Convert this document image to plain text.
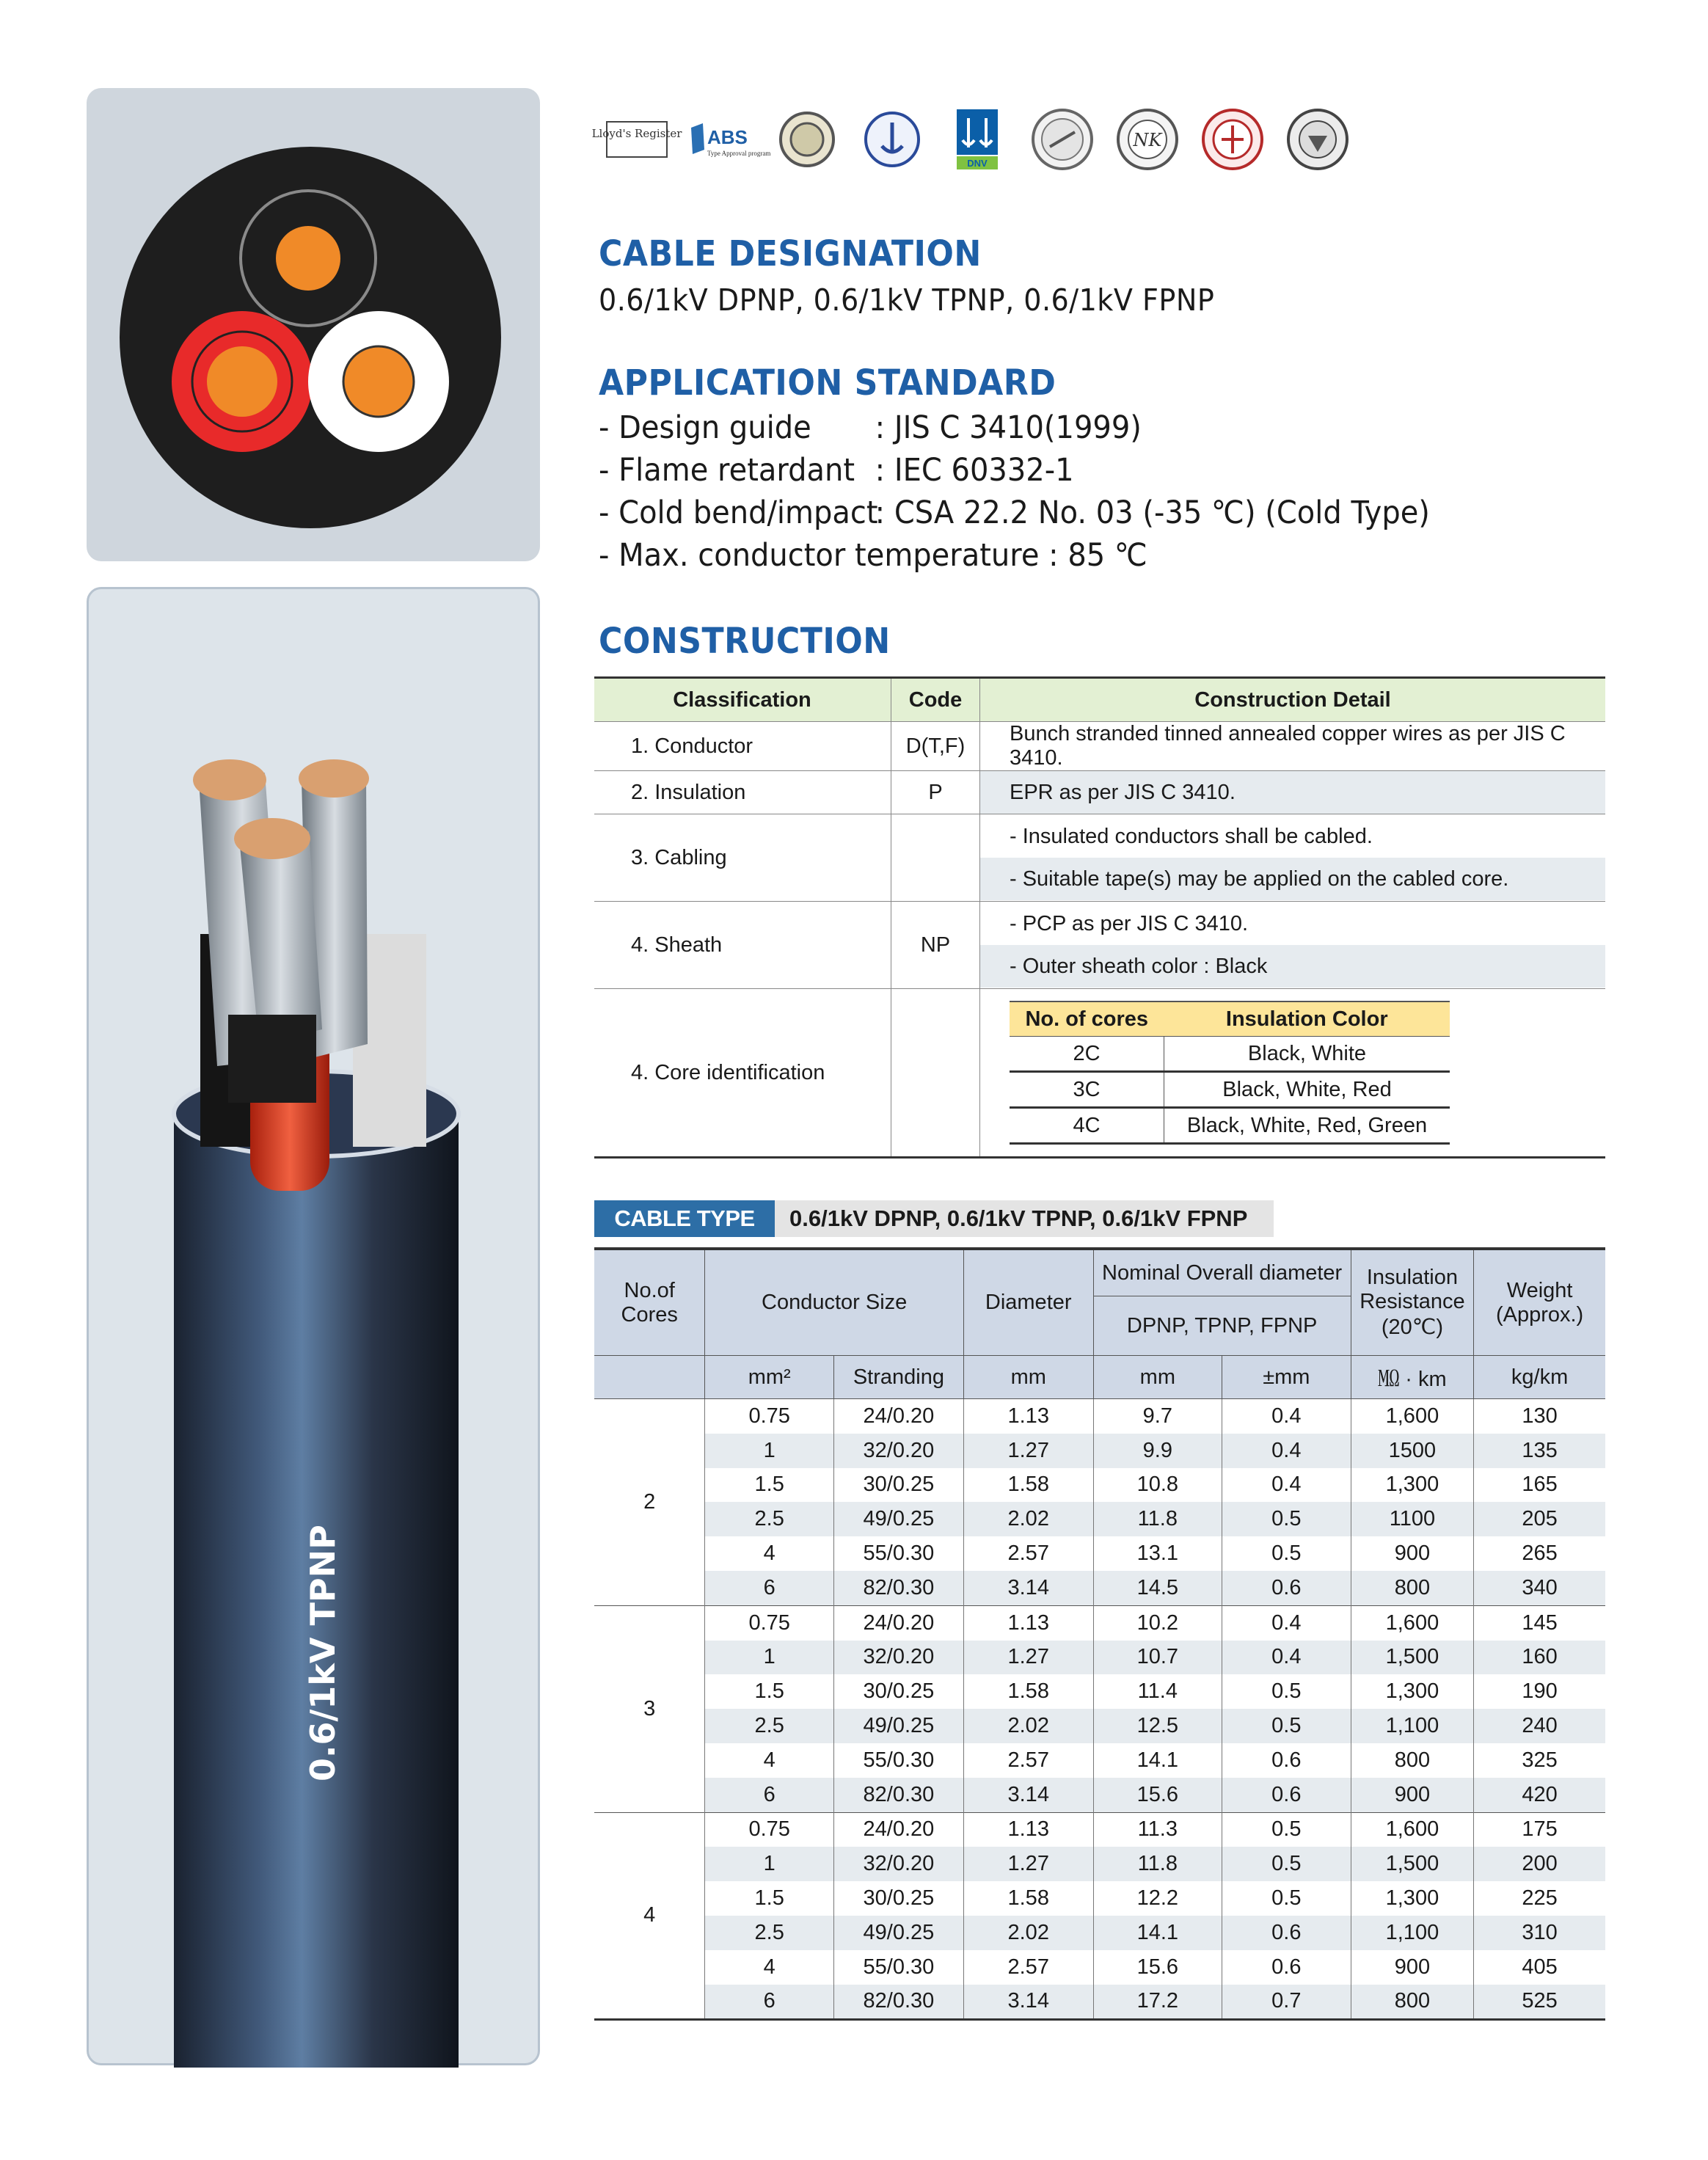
0.6/1kV TPNP
Lloyd's Register ABS
Type Approval program
DNV
NK
CABLE DESIGNATION
0.6/1kV DPNP, 0.6/1kV TPNP, 0.6/1kV FPNP
APPLICATION STANDARD
- Design guide : JIS C 3410(1999)
- Flame retardant : IEC 60332-1
- Cold bend/impact: CSA 22.2 No. 03 (-35 ℃) (Cold Type)
- Max. conductor temperature : 85 ℃
CONSTRUCTION
Classification	Code	Construction Detail
1. Conductor	D(T,F)	Bunch stranded tinned annealed copper wires as per JIS C 3410.
2. Insulation	P	EPR as per JIS C 3410.
3. Cabling		
- Insulated conductors shall be cabled.
- Suitable tape(s) may be applied on the cabled core.

4. Sheath	NP	
- PCP as per JIS C 3410.
- Outer sheath color : Black

4. Core identification		
No. of cores	Insulation Color
2C	Black, White
3C	Black, White, Red
4C	Black, White, Red, Green
CABLE TYPE	0.6/1kV DPNP, 0.6/1kV TPNP, 0.6/1kV FPNP
No.of Cores	Conductor Size		Diameter	Nominal Overall diameter		Insulation Resistance (20℃)	Weight (Approx.)
				DPNP, TPNP, FPNP			
	mm²	Stranding	mm	mm	±mm	㏁ · km	kg/km
2	0.75	24/0.20	1.13	9.7	0.4	1,600	130
	1	32/0.20	1.27	9.9	0.4	1500	135
	1.5	30/0.25	1.58	10.8	0.4	1,300	165
	2.5	49/0.25	2.02	11.8	0.5	1100	205
	4	55/0.30	2.57	13.1	0.5	900	265
	6	82/0.30	3.14	14.5	0.6	800	340
3	0.75	24/0.20	1.13	10.2	0.4	1,600	145
	1	32/0.20	1.27	10.7	0.4	1,500	160
	1.5	30/0.25	1.58	11.4	0.5	1,300	190
	2.5	49/0.25	2.02	12.5	0.5	1,100	240
	4	55/0.30	2.57	14.1	0.6	800	325
	6	82/0.30	3.14	15.6	0.6	900	420
4	0.75	24/0.20	1.13	11.3	0.5	1,600	175
	1	32/0.20	1.27	11.8	0.5	1,500	200
	1.5	30/0.25	1.58	12.2	0.5	1,300	225
	2.5	49/0.25	2.02	14.1	0.6	1,100	310
	4	55/0.30	2.57	15.6	0.6	900	405
	6	82/0.30	3.14	17.2	0.7	800	525
